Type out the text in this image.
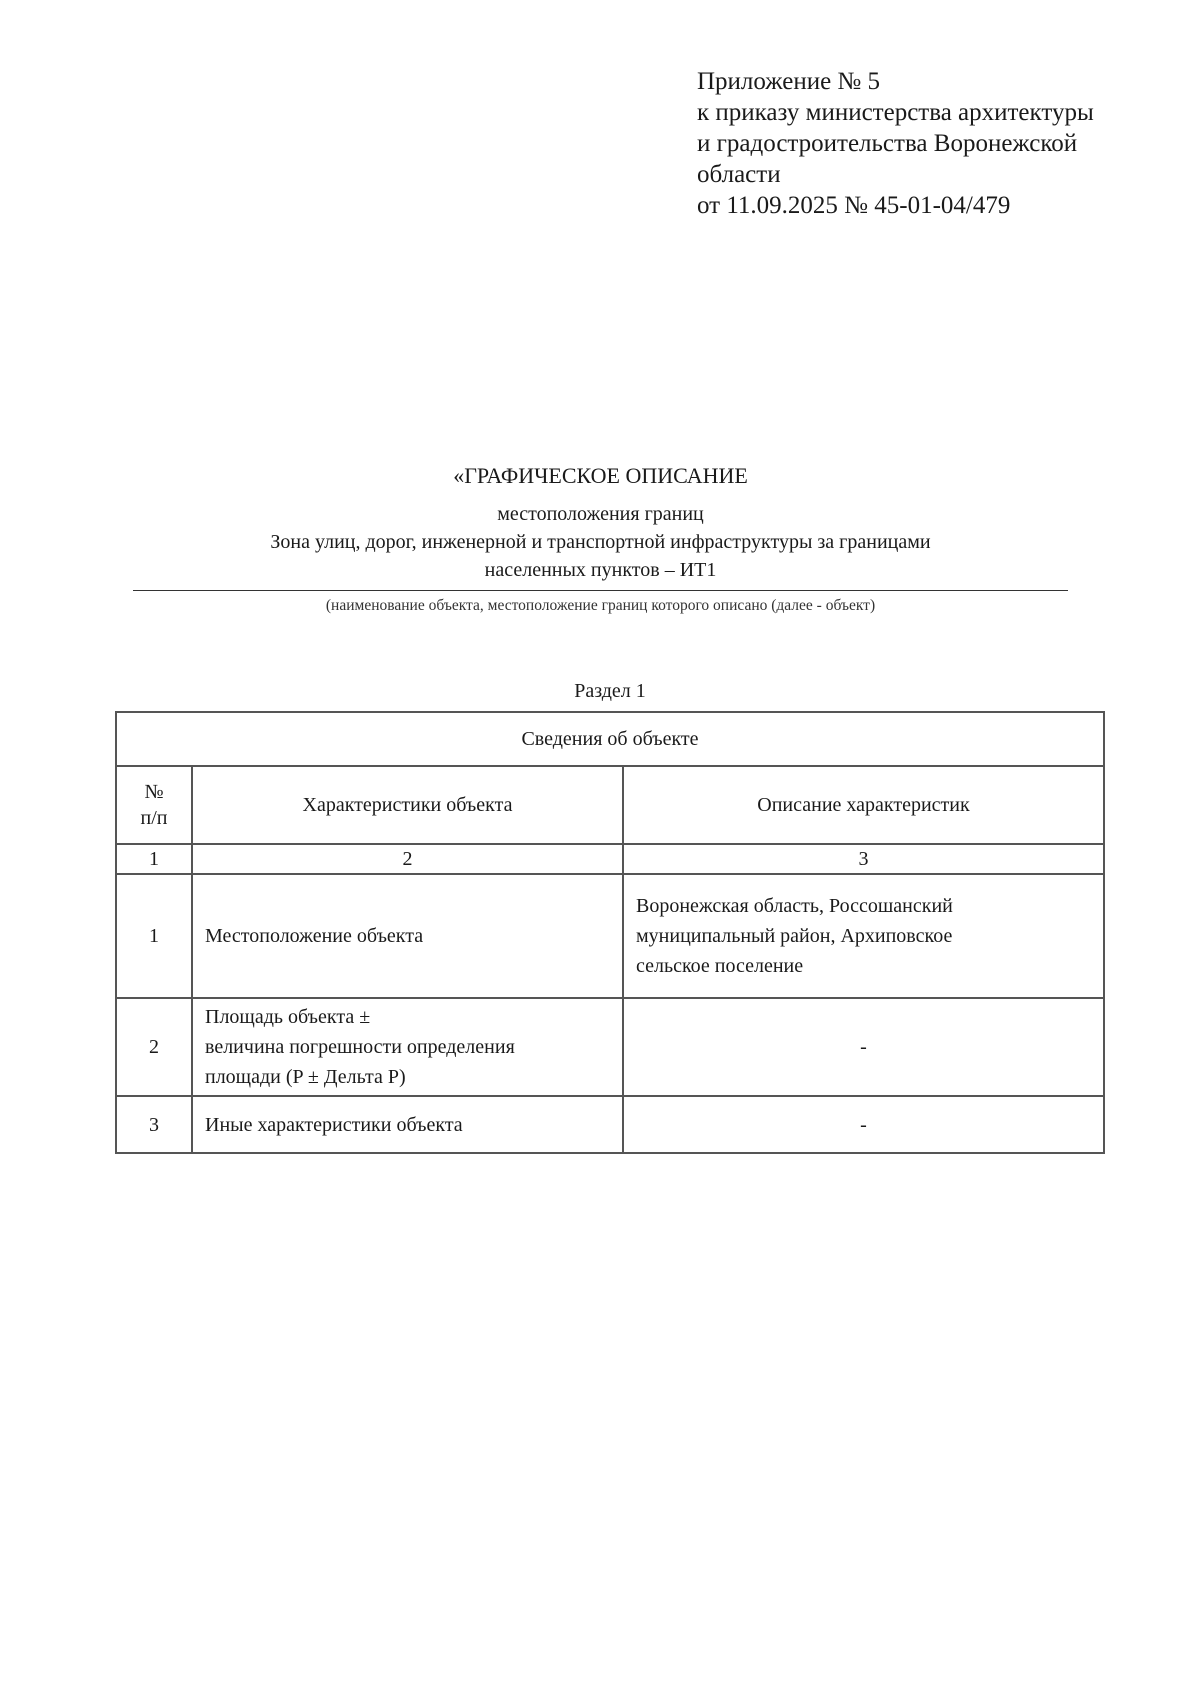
Приложение № 5
к приказу министерства архитектуры
и градостроительства Воронежской
области
от 11.09.2025 № 45-01-04/479
«ГРАФИЧЕСКОЕ ОПИСАНИЕ
местоположения границ
Зона улиц, дорог, инженерной и транспортной инфраструктуры за границами
населенных пунктов – ИТ1
(наименование объекта, местоположение границ которого описано (далее - объект)
Раздел 1
Сведения об объекте		

№
п/п	Характеристики объекта	Описание характеристик
1	2	3
1	Местоположение объекта	Воронежская область, Россошанский
муниципальный район, Архиповское
сельское поселение

2	Площадь объекта ±
величина погрешности определения
площади (P ± Дельта P)	-

3	Иные характеристики объекта	-
